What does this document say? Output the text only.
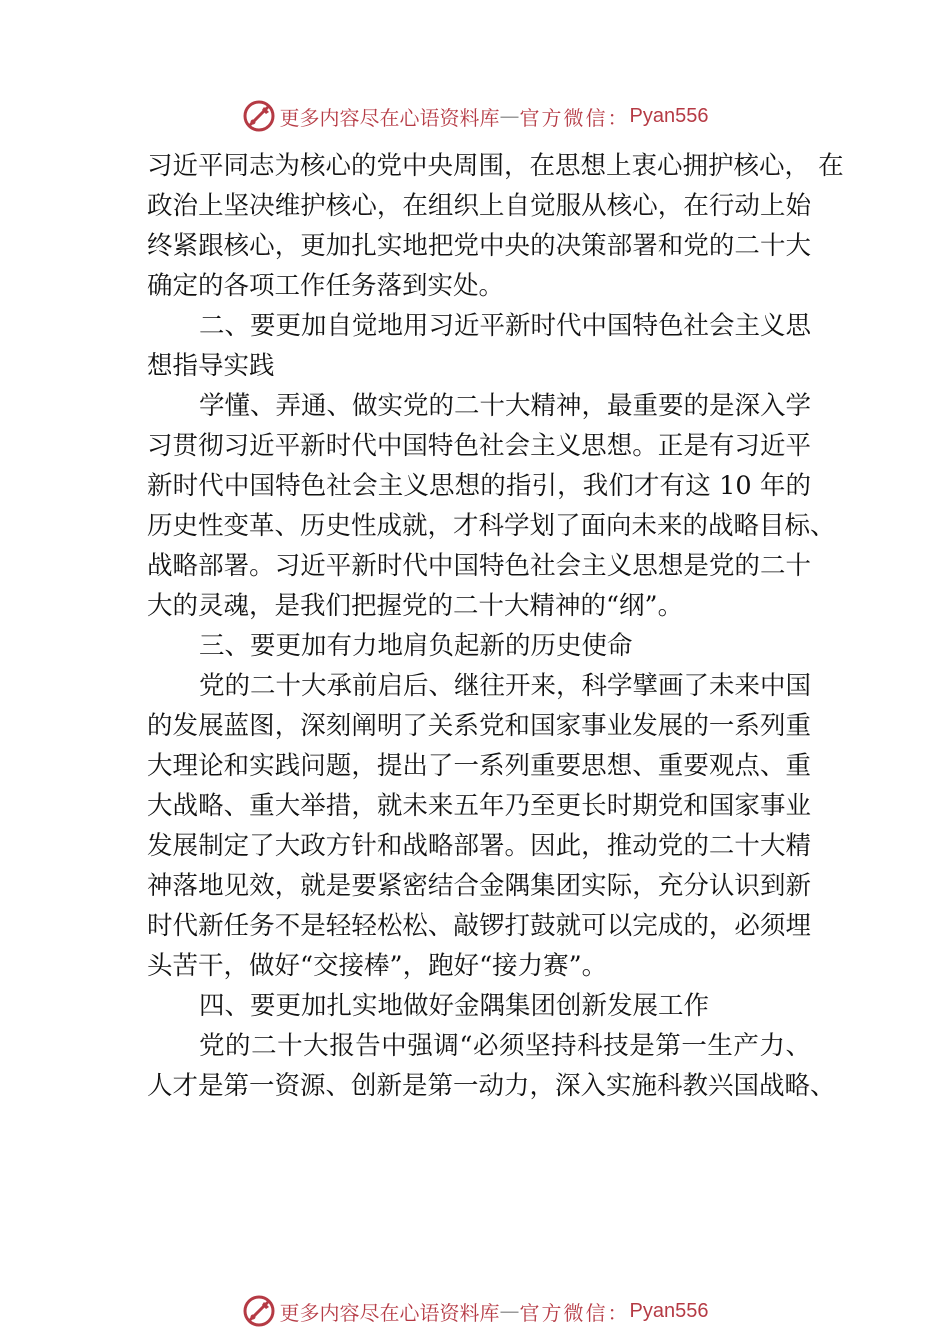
更多内容尽在心语资料库 — 官方微信： Pyan556
习近平同志为核心的党中央周围，在思想上衷心拥护核心， 在
政治上坚决维护核心，在组织上自觉服从核心，在行动上始
终紧跟核心，更加扎实地把党中央的决策部署和党的二十大
确定的各项工作任务落到实处。
二、要更加自觉地用习近平新时代中国特色社会主义思
想指导实践
学懂、弄通、做实党的二十大精神，最重要的是深入学
习贯彻习近平新时代中国特色社会主义思想。正是有习近平
新时代中国特色社会主义思想的指引，我们才有这 10 年的
历史性变革、历史性成就，才科学划了面向未来的战略目标、
战略部署。习近平新时代中国特色社会主义思想是党的二十
大的灵魂，是我们把握党的二十大精神的“纲”。
三、要更加有力地肩负起新的历史使命
党的二十大承前启后、继往开来，科学擘画了未来中国
的发展蓝图，深刻阐明了关系党和国家事业发展的一系列重
大理论和实践问题，提出了一系列重要思想、重要观点、重
大战略、重大举措，就未来五年乃至更长时期党和国家事业
发展制定了大政方针和战略部署。因此，推动党的二十大精
神落地见效，就是要紧密结合金隅集团实际，充分认识到新
时代新任务不是轻轻松松、敲锣打鼓就可以完成的，必须埋
头苦干，做好“交接棒”，跑好“接力赛”。
四、要更加扎实地做好金隅集团创新发展工作
党的二十大报告中强调“必须坚持科技是第一生产力、
人才是第一资源、创新是第一动力，深入实施科教兴国战略、
更多内容尽在心语资料库 — 官方微信： Pyan556
